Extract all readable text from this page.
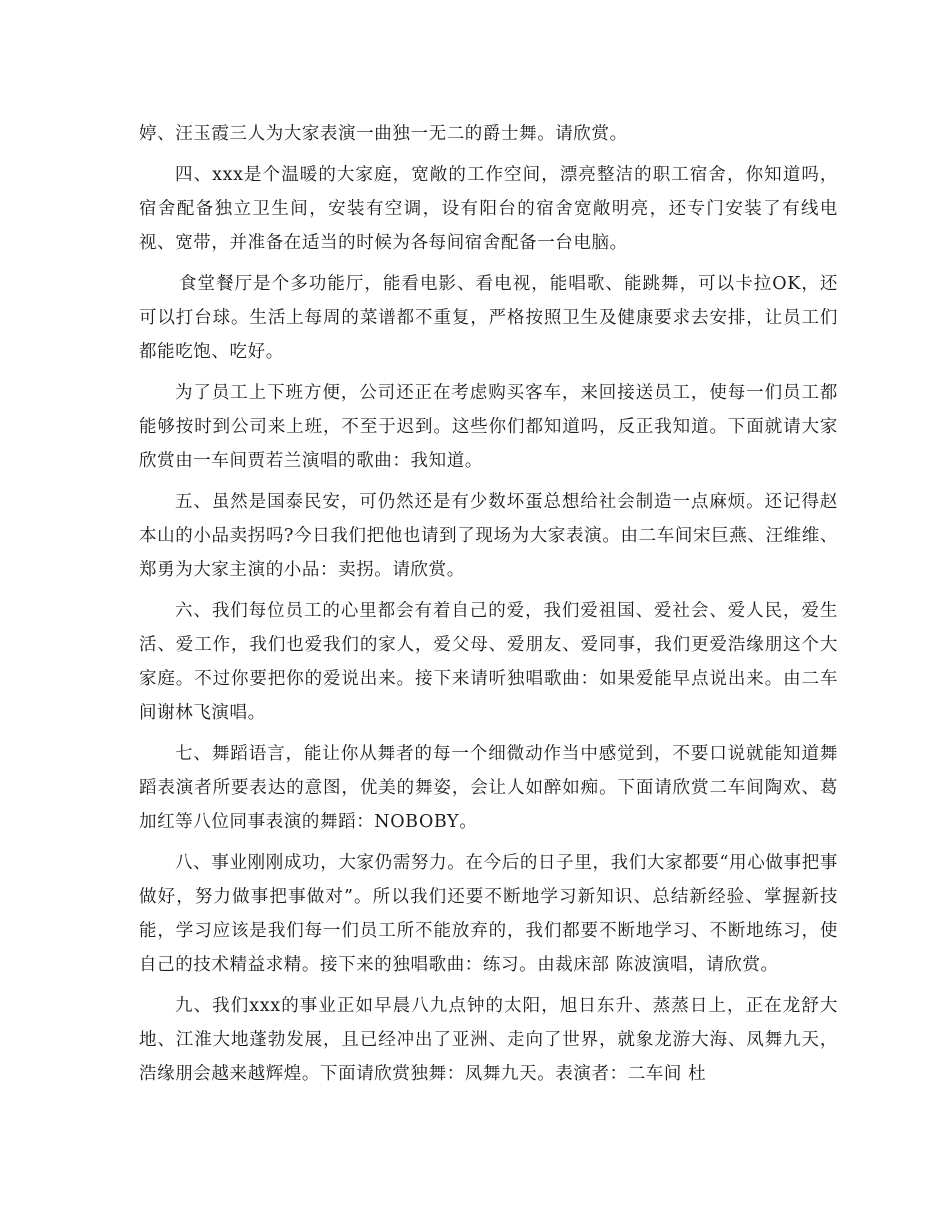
婷、汪玉霞三人为大家表演一曲独一无二的爵士舞。请欣赏。

四、xxx是个温暖的大家庭，宽敞的工作空间，漂亮整洁的职工宿舍，你知道吗，宿舍配备独立卫生间，安装有空调，设有阳台的宿舍宽敞明亮，还专门安装了有线电视、宽带，并准备在适当的时候为各每间宿舍配备一台电脑。

食堂餐厅是个多功能厅，能看电影、看电视，能唱歌、能跳舞，可以卡拉OK，还可以打台球。生活上每周的菜谱都不重复，严格按照卫生及健康要求去安排，让员工们都能吃饱、吃好。

为了员工上下班方便，公司还正在考虑购买客车，来回接送员工，使每一们员工都能够按时到公司来上班，不至于迟到。这些你们都知道吗，反正我知道。下面就请大家欣赏由一车间贾若兰演唱的歌曲：我知道。

五、虽然是国泰民安，可仍然还是有少数坏蛋总想给社会制造一点麻烦。还记得赵本山的小品卖拐吗?今日我们把他也请到了现场为大家表演。由二车间宋巨燕、汪维维、郑勇为大家主演的小品：卖拐。请欣赏。

六、我们每位员工的心里都会有着自己的爱，我们爱祖国、爱社会、爱人民，爱生活、爱工作，我们也爱我们的家人，爱父母、爱朋友、爱同事，我们更爱浩缘朋这个大家庭。不过你要把你的爱说出来。接下来请听独唱歌曲：如果爱能早点说出来。由二车间谢林飞演唱。

七、舞蹈语言，能让你从舞者的每一个细微动作当中感觉到，不要口说就能知道舞蹈表演者所要表达的意图，优美的舞姿，会让人如醉如痴。下面请欣赏二车间陶欢、葛加红等八位同事表演的舞蹈：NOBOBY。

八、事业刚刚成功，大家仍需努力。在今后的日子里，我们大家都要“用心做事把事做好，努力做事把事做对”。所以我们还要不断地学习新知识、总结新经验、掌握新技能，学习应该是我们每一们员工所不能放弃的，我们都要不断地学习、不断地练习，使自己的技术精益求精。接下来的独唱歌曲：练习。由裁床部 陈波演唱，请欣赏。

九、我们xxx的事业正如早晨八九点钟的太阳，旭日东升、蒸蒸日上，正在龙舒大地、江淮大地蓬勃发展，且已经冲出了亚洲、走向了世界，就象龙游大海、凤舞九天，浩缘朋会越来越辉煌。下面请欣赏独舞：凤舞九天。表演者：二车间 杜
